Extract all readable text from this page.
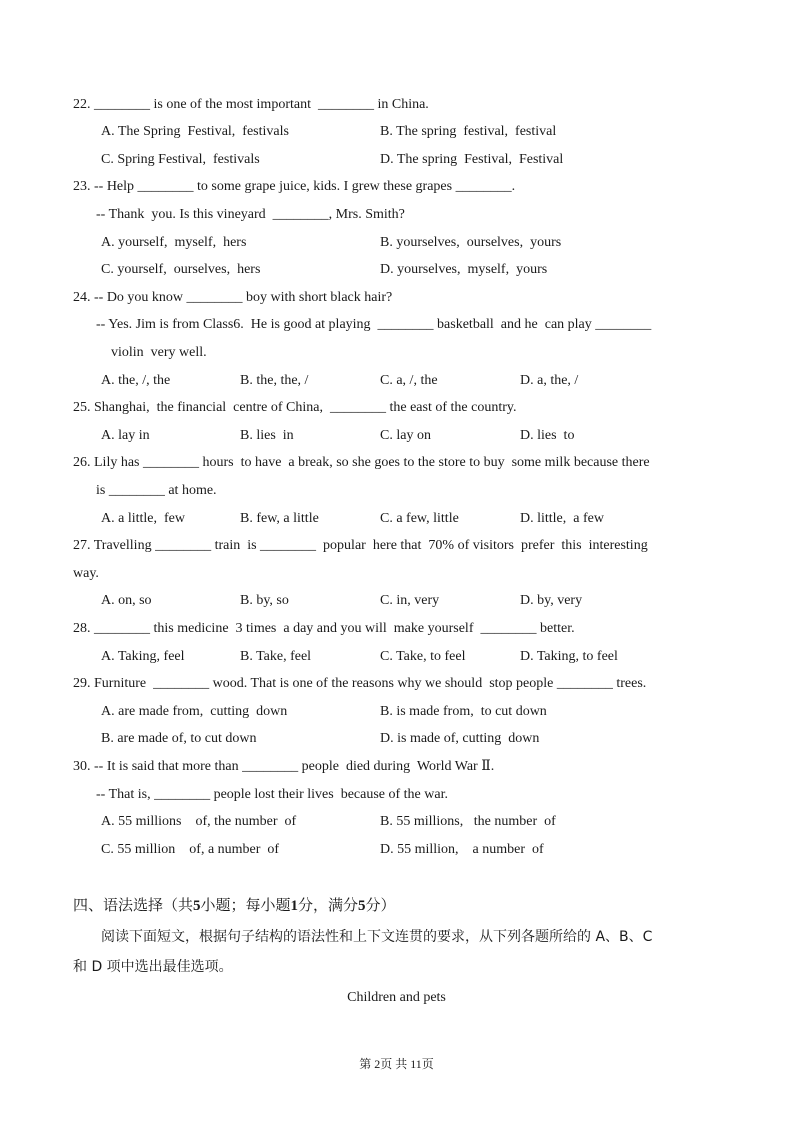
22. ________ is one of the most important  ________ in China.
A. The Spring  Festival,  festivals	B. The spring  festival,  festival
C. Spring Festival,  festivals	D. The spring  Festival,  Festival
23. -- Help ________ to some grape juice, kids. I grew these grapes ________.
-- Thank  you. Is this vineyard  ________, Mrs. Smith?
A. yourself,  myself,  hers	B. yourselves,  ourselves,  yours
C. yourself,  ourselves,  hers	D. yourselves,  myself,  yours
24. -- Do you know ________ boy with short black hair?
-- Yes. Jim is from Class6.  He is good at playing  ________ basketball  and he  can play ________
violin  very well.
A. the, /, the	B. the, the, /	C. a, /, the	D. a, the, /
25. Shanghai,  the financial  centre of China,  ________ the east of the country.
A. lay in	B. lies  in	C. lay on	D. lies  to
26. Lily has ________ hours  to have  a break, so she goes to the store to buy  some milk because there
is ________ at home.
A. a little,  few	B. few, a little	C. a few, little	D. little,  a few
27. Travelling ________ train  is ________  popular  here that  70% of visitors  prefer  this  interesting
way.
A. on, so	B. by, so	C. in, very	D. by, very
28. ________ this medicine  3 times  a day and you will  make yourself  ________ better.
A. Taking, feel	B. Take, feel	C. Take, to feel	D. Taking, to feel
29. Furniture  ________ wood. That is one of the reasons why we should  stop people ________ trees.
A. are made from,  cutting  down	B. is made from,  to cut down
B. are made of, to cut down	D. is made of, cutting  down
30. -- It is said that more than ________ people  died during  World War Ⅱ.
-- That is, ________ people lost their lives  because of the war.
A. 55 millions    of, the number  of	B. 55 millions,   the number  of
C. 55 million    of, a number  of	D. 55 million,    a number  of
四、语法选择（共5小题；每小题1分，满分5分）
阅读下面短文，根据句子结构的语法性和上下文连贯的要求，从下列各题所给的 A、B、C
和 D 项中选出最佳选项。
Children and pets
第 2页 共 11页
